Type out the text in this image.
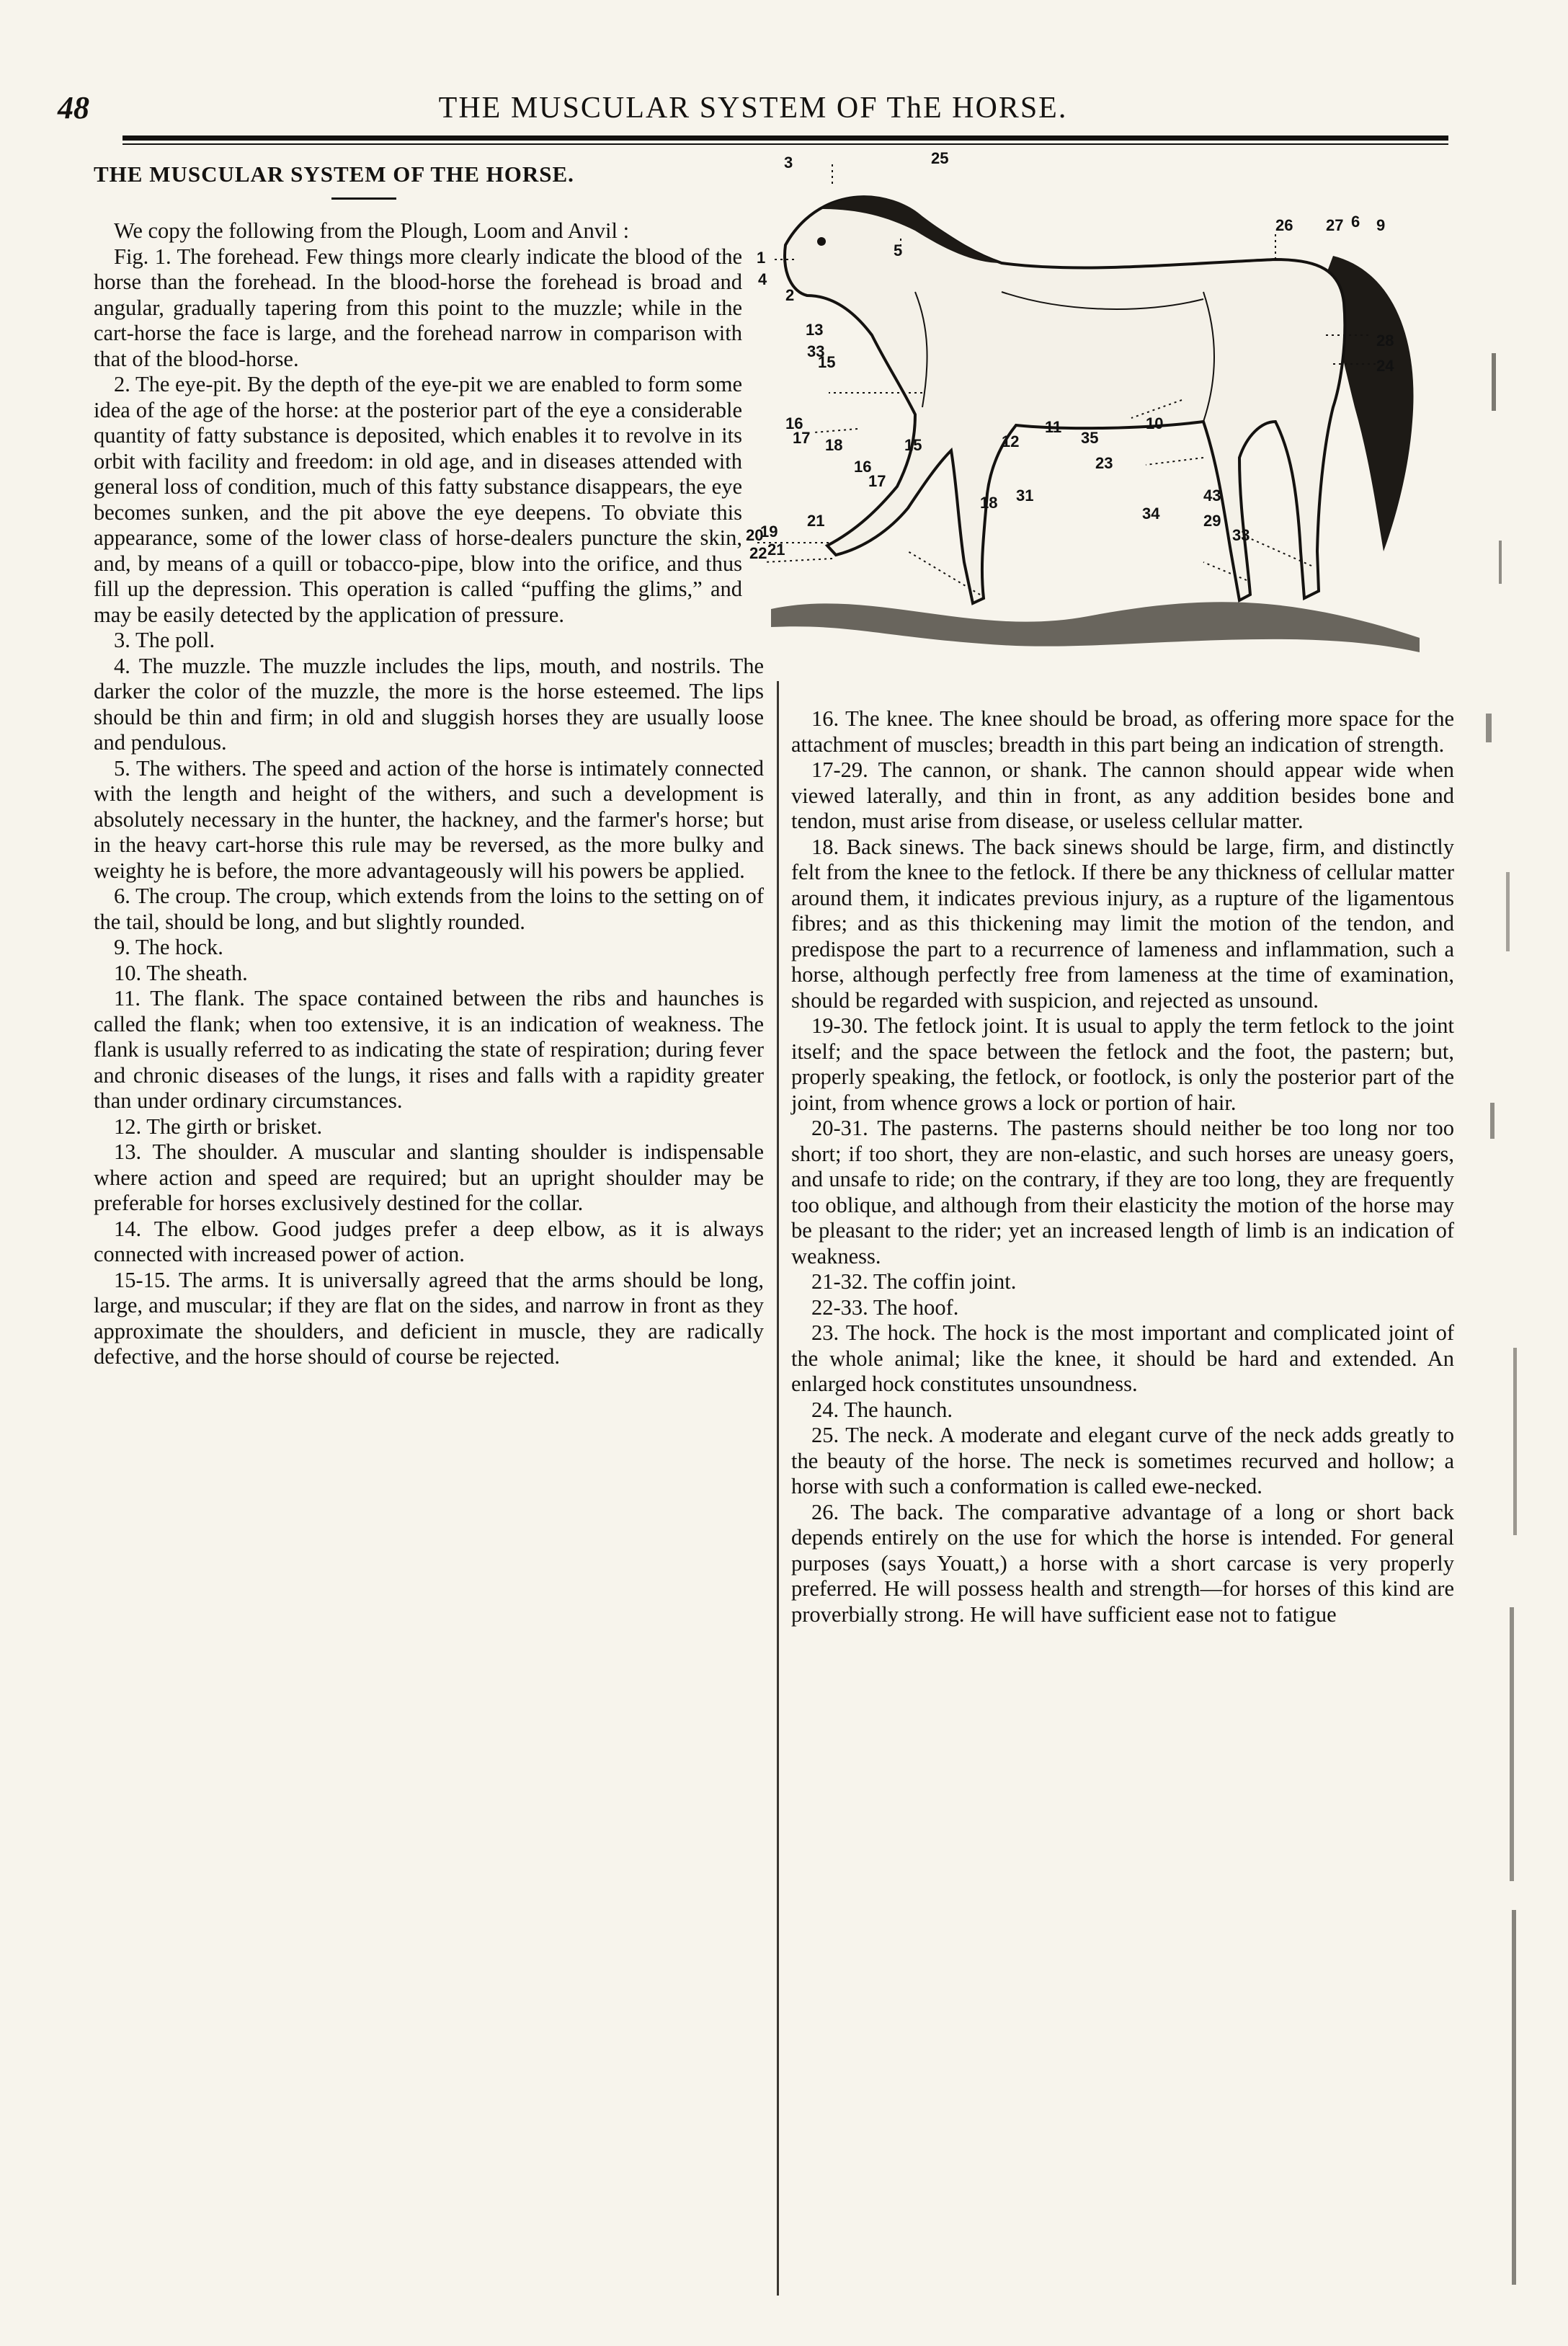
48	THE MUSCULAR SYSTEM OF ThE HORSE.
THE MUSCULAR SYSTEM OF THE HORSE.

We copy the following from the Plough, Loom and Anvil :

Fig. 1. The forehead. Few things more clearly indicate the blood of the horse than the forehead. In the blood-horse the forehead is broad and angular, gradually tapering from this point to the muzzle; while in the cart-horse the face is large, and the forehead narrow in comparison with that of the blood-horse.

2. The eye-pit. By the depth of the eye-pit we are enabled to form some idea of the age of the horse: at the posterior part of the eye a considerable quantity of fatty substance is deposited, which enables it to revolve in its orbit with facility and freedom: in old age, and in diseases attended with general loss of condition, much of this fatty substance disappears, the eye becomes sunken, and the pit above the eye deepens. To obviate this appearance, some of the lower class of horse-dealers puncture the skin, and, by means of a quill or tobacco-pipe, blow into the orifice, and thus fill up the depression. This operation is called “puffing the glims,” and may be easily detected by the application of pressure.

3. The poll.

4. The muzzle. The muzzle includes the lips, mouth, and nostrils. The darker the color of the muzzle, the more is the horse esteemed. The lips should be thin and firm; in old and sluggish horses they are usually loose and pendulous.

5. The withers. The speed and action of the horse is intimately connected with the length and height of the withers, and such a development is absolutely necessary in the hunter, the hackney, and the farmer's horse; but in the heavy cart-horse this rule may be reversed, as the more bulky and weighty he is before, the more advantageously will his powers be applied.

6. The croup. The croup, which extends from the loins to the setting on of the tail, should be long, and but slightly rounded.

9. The hock.

10. The sheath.

11. The flank. The space contained between the ribs and haunches is called the flank; when too extensive, it is an indication of weakness. The flank is usually referred to as indicating the state of respiration; during fever and chronic diseases of the lungs, it rises and falls with a rapidity greater than under ordinary circumstances.

12. The girth or brisket.

13. The shoulder. A muscular and slanting shoulder is indispensable where action and speed are required; but an upright shoulder may be preferable for horses exclusively destined for the collar.

14. The elbow. Good judges prefer a deep elbow, as it is always connected with increased power of action.

15-15. The arms. It is universally agreed that the arms should be long, large, and muscular; if they are flat on the sides, and narrow in front as they approximate the shoulders, and deficient in muscle, they are radically defective, and the horse should of course be rejected.

25
3
5
1
26 27 6 9
2
4
13
33
15
28
16	10
24
17 18	15	12
11
35
23
20
19
22 21
16
17
43
21
18 31
34	29
33

16. The knee. The knee should be broad, as offering more space for the attachment of muscles; breadth in this part being an indication of strength.

17-29. The cannon, or shank. The cannon should appear wide when viewed laterally, and thin in front, as any addition besides bone and tendon, must arise from disease, or useless cellular matter.

18. Back sinews. The back sinews should be large, firm, and distinctly felt from the knee to the fetlock. If there be any thickness of cellular matter around them, it indicates previous injury, as a rupture of the ligamentous fibres; and as this thickening may limit the motion of the tendon, and predispose the part to a recurrence of lameness and inflammation, such a horse, although perfectly free from lameness at the time of examination, should be regarded with suspicion, and rejected as unsound.

19-30. The fetlock joint. It is usual to apply the term fetlock to the joint itself; and the space between the fetlock and the foot, the pastern; but, properly speaking, the fetlock, or footlock, is only the posterior part of the joint, from whence grows a lock or portion of hair.

20-31. The pasterns. The pasterns should neither be too long nor too short; if too short, they are non-elastic, and such horses are uneasy goers, and unsafe to ride; on the contrary, if they are too long, they are frequently too oblique, and although from their elasticity the motion of the horse may be pleasant to the rider; yet an increased length of limb is an indication of weakness.

21-32. The coffin joint.

22-33. The hoof.

23. The hock. The hock is the most important and complicated joint of the whole animal; like the knee, it should be hard and extended. An enlarged hock constitutes unsoundness.

24. The haunch.

25. The neck. A moderate and elegant curve of the neck adds greatly to the beauty of the horse. The neck is sometimes recurved and hollow; a horse with such a conformation is called ewe-necked.

26. The back. The comparative advantage of a long or short back depends entirely on the use for which the horse is intended. For general purposes (says Youatt,) a horse with a short carcase is very properly preferred. He will possess health and strength—for horses of this kind are proverbially strong. He will have sufficient ease not to fatigue
